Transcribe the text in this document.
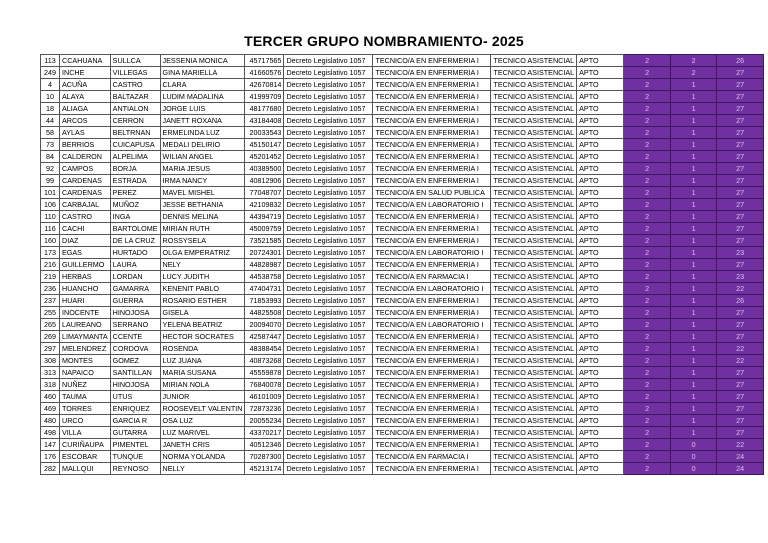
TERCER GRUPO NOMBRAMIENTO- 2025
113	CCAHUANA	SULLCA	JESSENIA MONICA	45717565	Decreto Legislativo 1057	TECNICO/A EN ENFERMERIA I	TECNICO ASISTENCIAL	APTO	2	2	26
249	INCHE	VILLEGAS	GINA MARIELLA	41660576	Decreto Legislativo 1057	TECNICO/A EN ENFERMERIA I	TECNICO ASISTENCIAL	APTO	2	2	27
4	ACUÑA	CASTRO	CLARA	42670814	Decreto Legislativo 1057	TECNICO/A EN ENFERMERIA I	TECNICO ASISTENCIAL	APTO	2	1	27
10	ALAYA	BALTAZAR	LUDIM MADALINA	41999709	Decreto Legislativo 1057	TECNICO/A EN ENFERMERIA I	TECNICO ASISTENCIAL	APTO	2	1	27
18	ALIAGA	ANTIALON	JORGE LUIS	48177680	Decreto Legislativo 1057	TECNICO/A EN ENFERMERIA I	TECNICO ASISTENCIAL	APTO	2	1	27
44	ARCOS	CERRON	JANETT ROXANA	43184408	Decreto Legislativo 1057	TECNICO/A EN ENFERMERIA I	TECNICO ASISTENCIAL	APTO	2	1	27
58	AYLAS	BELTRNAN	ERMELINDA LUZ	20033543	Decreto Legislativo 1057	TECNICO/A EN ENFERMERIA I	TECNICO ASISTENCIAL	APTO	2	1	27
73	BERRIOS	CUICAPUSA	MEDALI DELIRIO	45150147	Decreto Legislativo 1057	TECNICO/A EN ENFERMERIA I	TECNICO ASISTENCIAL	APTO	2	1	27
84	CALDERON	ALPELIMA	WILIAN ANGEL	45201452	Decreto Legislativo 1057	TECNICO/A EN ENFERMERIA I	TECNICO ASISTENCIAL	APTO	2	1	27
92	CAMPOS	BORJA	MARIA JESUS	40389500	Decreto Legislativo 1057	TECNICO/A EN ENFERMERIA I	TECNICO ASISTENCIAL	APTO	2	1	27
99	CARDENAS	ESTRADA	IRMA NANCY	40812906	Decreto Legislativo 1057	TECNICO/A EN ENFERMERIA I	TECNICO ASISTENCIAL	APTO	2	1	27
101	CARDENAS	PEREZ	MAVEL MISHEL	77048707	Decreto Legislativo 1057	TECNICO/A EN SALUD PUBLICA	TECNICO ASISTENCIAL	APTO	2	1	27
106	CARBAJAL	MUÑOZ	JESSE BETHANIA	42109832	Decreto Legislativo 1057	TECNICO/A EN LABORATORIO I	TECNICO ASISTENCIAL	APTO	2	1	27
110	CASTRO	INGA	DENNIS MELINA	44394719	Decreto Legislativo 1057	TECNICO/A EN ENFERMERIA I	TECNICO ASISTENCIAL	APTO	2	1	27
116	CACHI	BARTOLOME	MIRIAN RUTH	45009759	Decreto Legislativo 1057	TECNICO/A EN ENFERMERIA I	TECNICO ASISTENCIAL	APTO	2	1	27
160	DIAZ	DE LA CRUZ	ROSSYSELA	73521585	Decreto Legislativo 1057	TECNICO/A EN ENFERMERIA I	TECNICO ASISTENCIAL	APTO	2	1	27
173	EGAS	HURTADO	OLGA EMPERATRIZ	20724301	Decreto Legislativo 1057	TECNICO/A EN LABORATORIO I	TECNICO ASISTENCIAL	APTO	2	1	23
216	GUILLERMO	LAURA	NELY	44828987	Decreto Legislativo 1057	TECNICO/A EN ENFERMERIA I	TECNICO ASISTENCIAL	APTO	2	1	27
219	HERBAS	LORDAN	LUCY JUDITH	44538758	Decreto Legislativo 1057	TECNICO/A EN FARMACIA I	TECNICO ASISTENCIAL	APTO	2	1	23
236	HUANCHO	GAMARRA	KENENIT PABLO	47404731	Decreto Legislativo 1057	TECNICO/A EN LABORATORIO I	TECNICO ASISTENCIAL	APTO	2	1	22
237	HUARI	GUERRA	ROSARIO ESTHER	71853993	Decreto Legislativo 1057	TECNICO/A EN ENFERMERIA I	TECNICO ASISTENCIAL	APTO	2	1	26
255	INOCENTE	HINOJOSA	GISELA	44825508	Decreto Legislativo 1057	TECNICO/A EN ENFERMERIA I	TECNICO ASISTENCIAL	APTO	2	1	27
265	LAUREANO	SERRANO	YELENA BEATRIZ	20094070	Decreto Legislativo 1057	TECNICO/A EN LABORATORIO I	TECNICO ASISTENCIAL	APTO	2	1	27
269	LIMAYMANTA	CCENTE	HECTOR SOCRATES	42587447	Decreto Legislativo 1057	TECNICO/A EN ENFERMERIA I	TECNICO ASISTENCIAL	APTO	2	1	27
297	MELENDREZ	CORDOVA	ROSENDA	48388454	Decreto Legislativo 1057	TECNICO/A EN ENFERMERIA I	TECNICO ASISTENCIAL	APTO	2	1	22
308	MONTES	GOMEZ	LUZ JUANA	40873268	Decreto Legislativo 1057	TECNICO/A EN ENFERMERIA I	TECNICO ASISTENCIAL	APTO	2	1	22
313	NAPAICO	SANTILLAN	MARIA SUSANA	45559878	Decreto Legislativo 1057	TECNICO/A EN ENFERMERIA I	TECNICO ASISTENCIAL	APTO	2	1	27
318	NUÑEZ	HINOJOSA	MIRIAN NOLA	76840078	Decreto Legislativo 1057	TECNICO/A EN ENFERMERIA I	TECNICO ASISTENCIAL	APTO	2	1	27
460	TAUMA	UTUS	JUNIOR	46101009	Decreto Legislativo 1057	TECNICO/A EN ENFERMERIA I	TECNICO ASISTENCIAL	APTO	2	1	27
469	TORRES	ENRIQUEZ	ROOSEVELT VALENTIN	72873236	Decreto Legislativo 1057	TECNICO/A EN ENFERMERIA I	TECNICO ASISTENCIAL	APTO	2	1	27
480	URCO	GARCIA R	OSA LUZ	20055234	Decreto Legislativo 1057	TECNICO/A EN ENFERMERIA I	TECNICO ASISTENCIAL	APTO	2	1	27
498	VILLA	GUTARRA	LUZ MARIVEL	43370217	Decreto Legislativo 1057	TECNICO/A EN ENFERMERIA I	TECNICO ASISTENCIAL	APTO	2	1	27
147	CURIÑAUPA	PIMENTEL	JANETH CRIS	40512346	Decreto Legislativo 1057	TECNICO/A EN ENFERMERIA I	TECNICO ASISTENCIAL	APTO	2	0	22
176	ESCOBAR	TUNQUE	NORMA YOLANDA	70287300	Decreto Legislativo 1057	TECNICO/A EN FARMACIA I	TECNICO ASISTENCIAL	APTO	2	0	24
282	MALLQUI	REYNOSO	NELLY	45213174	Decreto Legislativo 1057	TECNICO/A EN ENFERMERIA I	TECNICO ASISTENCIAL	APTO	2	0	24
